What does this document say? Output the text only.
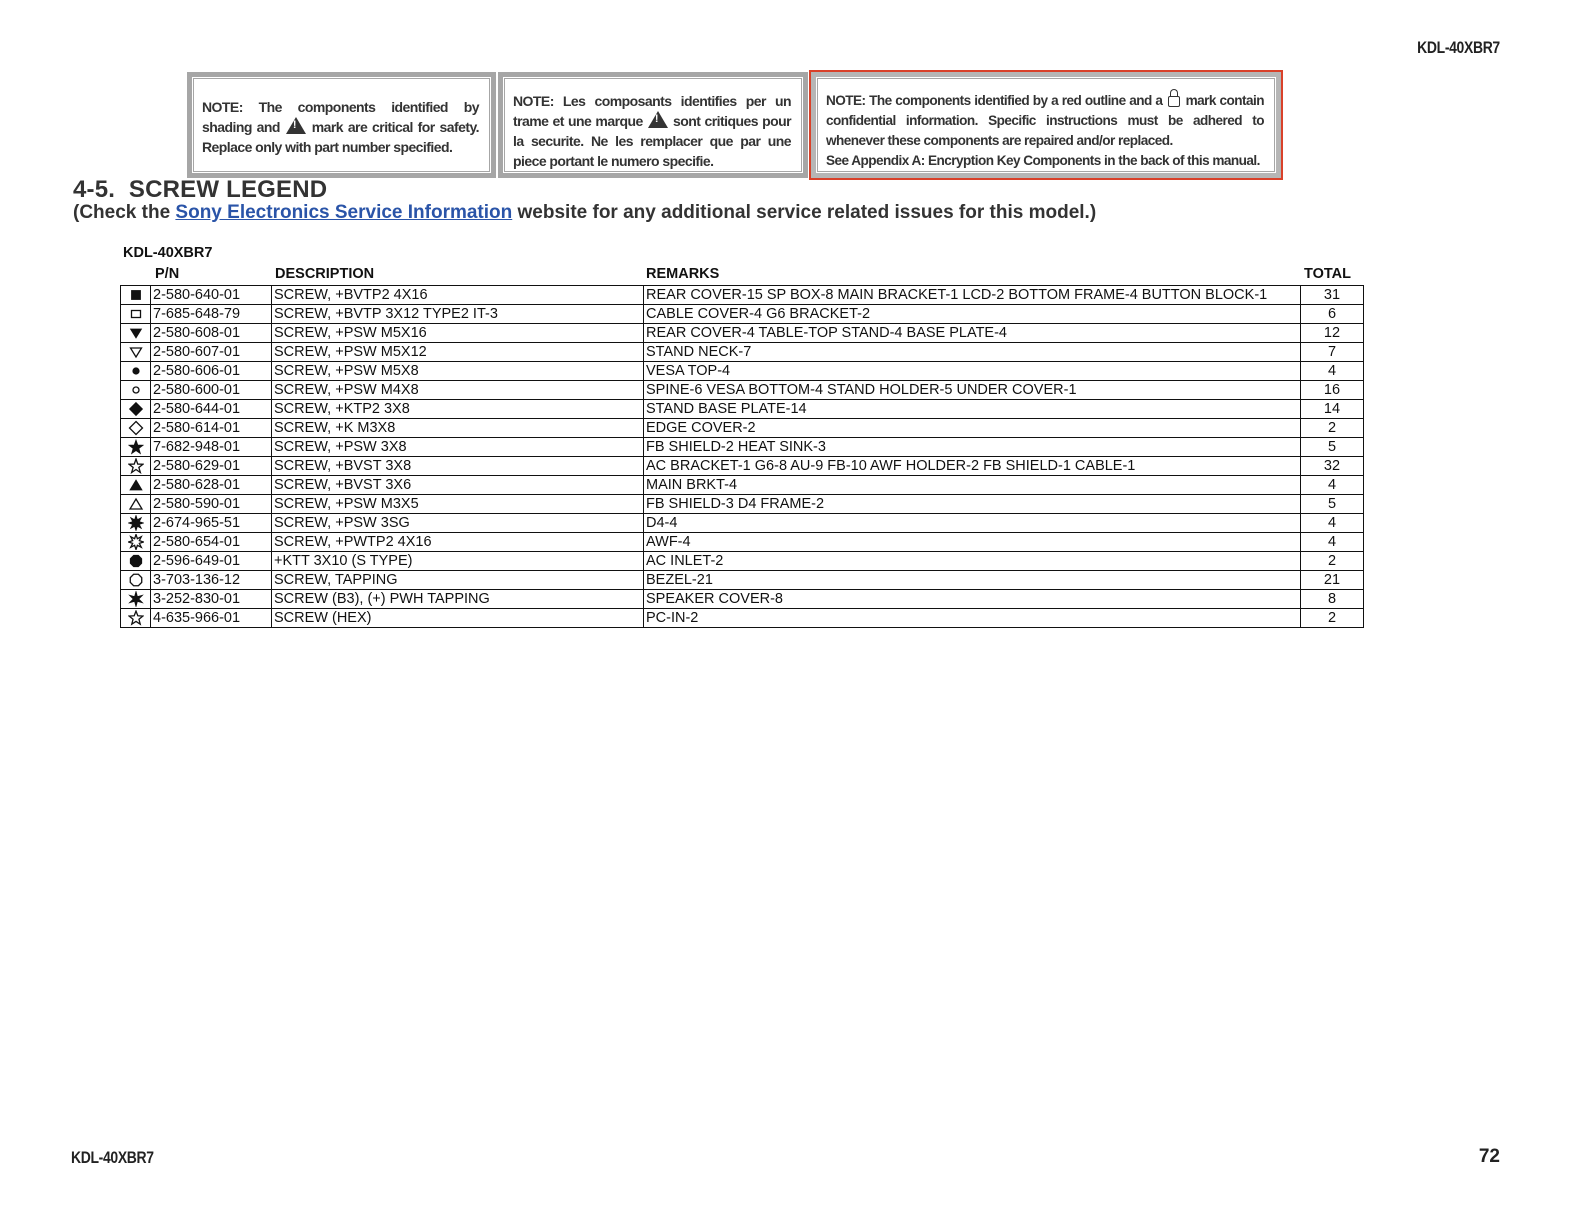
KDL-40XBR7
NOTE: The components identified by shading and ! mark are critical for safety. Replace only with part number specified.
NOTE: Les composants identifies per un trame et une marque ! sont critiques pour la securite. Ne les remplacer que par une piece portant le numero specifie.
NOTE: The components identified by a red outline and a mark contain confidential information. Specific instructions must be adhered to whenever these components are repaired and/or replaced.
See Appendix A: Encryption Key Components in the back of this manual.
4-5.  SCREW LEGEND
(Check the Sony Electronics Service Information website for any additional service related issues for this model.)
KDL-40XBR7
P/N	DESCRIPTION	REMARKS	TOTAL
	2-580-640-01	SCREW, +BVTP2 4X16	REAR COVER-15 SP BOX-8 MAIN BRACKET-1 LCD-2 BOTTOM FRAME-4 BUTTON BLOCK-1	31

	7-685-648-79	SCREW, +BVTP 3X12 TYPE2 IT-3	CABLE COVER-4 G6 BRACKET-2	6

	2-580-608-01	SCREW, +PSW M5X16	REAR COVER-4 TABLE-TOP STAND-4 BASE PLATE-4	12

	2-580-607-01	SCREW, +PSW M5X12	STAND NECK-7	7

	2-580-606-01	SCREW, +PSW M5X8	VESA TOP-4	4

	2-580-600-01	SCREW, +PSW M4X8	SPINE-6 VESA BOTTOM-4 STAND HOLDER-5 UNDER COVER-1	16

	2-580-644-01	SCREW, +KTP2 3X8	STAND BASE PLATE-14	14

	2-580-614-01	SCREW, +K M3X8	EDGE COVER-2	2

	7-682-948-01	SCREW, +PSW 3X8	FB SHIELD-2 HEAT SINK-3	5

	2-580-629-01	SCREW, +BVST 3X8	AC BRACKET-1 G6-8 AU-9 FB-10 AWF HOLDER-2 FB SHIELD-1 CABLE-1	32

	2-580-628-01	SCREW, +BVST 3X6	MAIN BRKT-4	4

	2-580-590-01	SCREW, +PSW M3X5	FB SHIELD-3 D4 FRAME-2	5

	2-674-965-51	SCREW, +PSW 3SG	D4-4	4

	2-580-654-01	SCREW, +PWTP2 4X16	AWF-4	4

	2-596-649-01	+KTT 3X10 (S TYPE)	AC INLET-2	2

	3-703-136-12	SCREW, TAPPING	BEZEL-21	21

	3-252-830-01	SCREW (B3), (+) PWH TAPPING	SPEAKER COVER-8	8

	4-635-966-01	SCREW (HEX)	PC-IN-2	2
KDL-40XBR7	72
